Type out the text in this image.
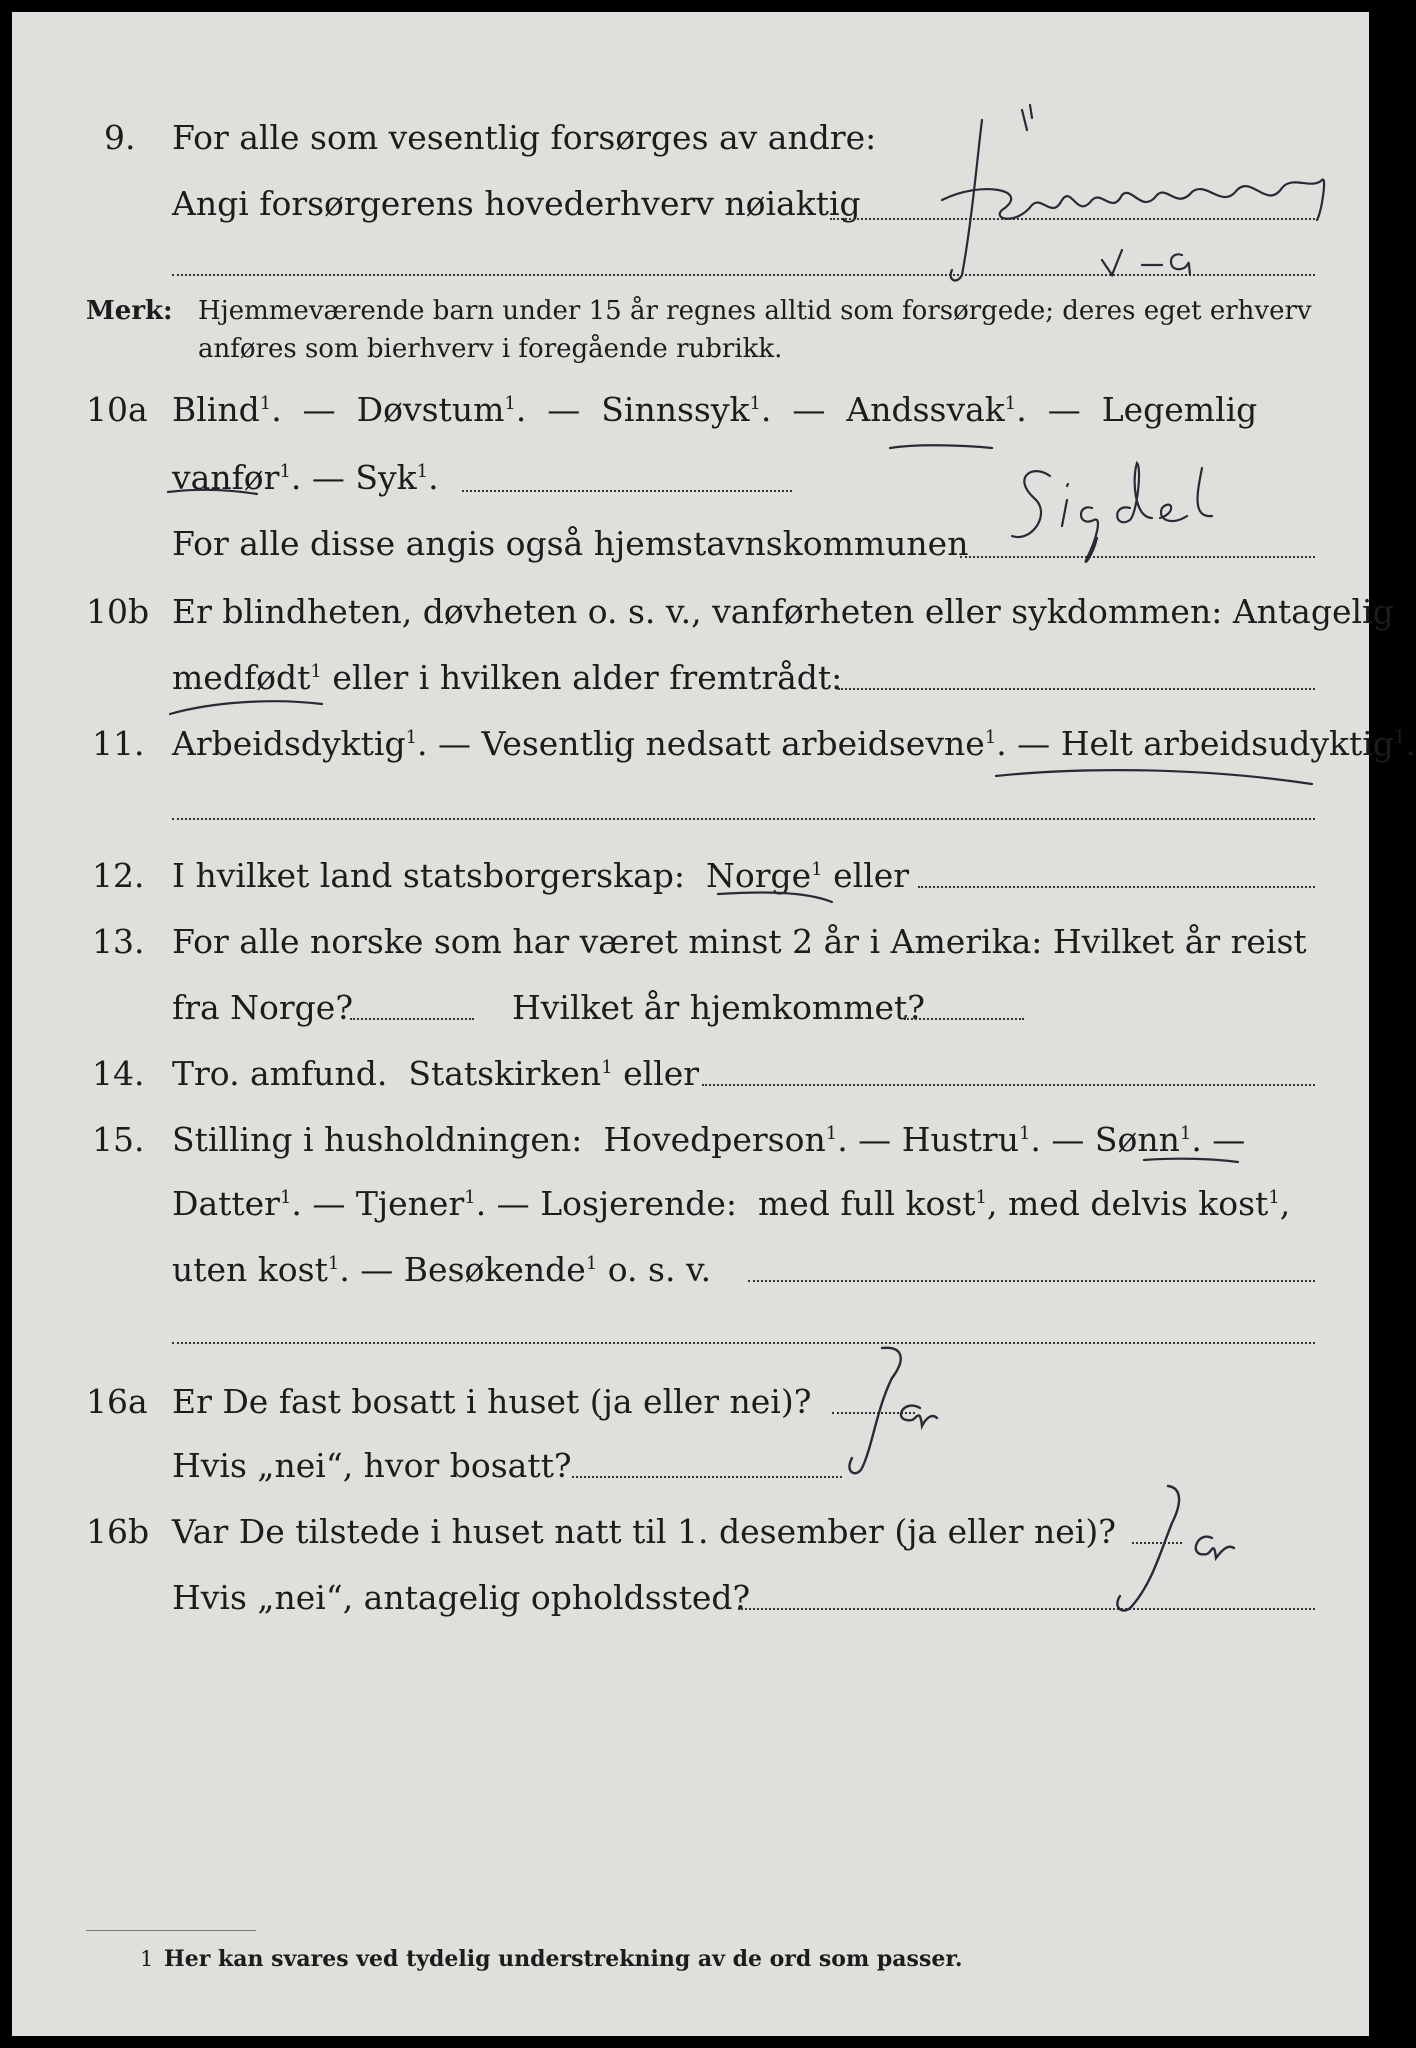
9. For alle som vesentlig forsørges av andre:
Angi forsørgerens hovederhverv nøiaktig
Merk: Hjemmeværende barn under 15 år regnes alltid som forsørgede; deres eget erhverv
anføres som bierhverv i foregående rubrikk.
10a Blind$^1$.  —  Døvstum$^1$.  —  Sinnssyk$^1$.  —  Andssvak$^1$.  —  Legemlig
vanfør$^1$. — Syk$^1$.
For alle disse angis også hjemstavnskommunen
10b Er blindheten, døvheten o. s. v., vanførheten eller sykdommen: Antagelig
medfødt$^1$ eller i hvilken alder fremtrådt:
11. Arbeidsdyktig$^1$. — Vesentlig nedsatt arbeidsevne$^1$. — Helt arbeidsudyktig$^1$.
12. I hvilket land statsborgerskap: Norge$^1$ eller
13. For alle norske som har været minst 2 år i Amerika: Hvilket år reist
fra Norge?	Hvilket år hjemkommet?
14. Tro. amfund. Statskirken$^1$ eller
15. Stilling i husholdningen: Hovedperson$^1$. — Hustru$^1$. — Sønn$^1$. —
Datter$^1$. — Tjener$^1$. — Losjerende: med full kost$^1$, med delvis kost$^1$,
uten kost$^1$. — Besøkende$^1$ o. s. v.
16a Er De fast bosatt i huset (ja eller nei)?
Hvis „nei“, hvor bosatt?
16b Var De tilstede i huset natt til 1. desember (ja eller nei)?
Hvis „nei“, antagelig opholdssted?
1 Her kan svares ved tydelig understrekning av de ord som passer.
